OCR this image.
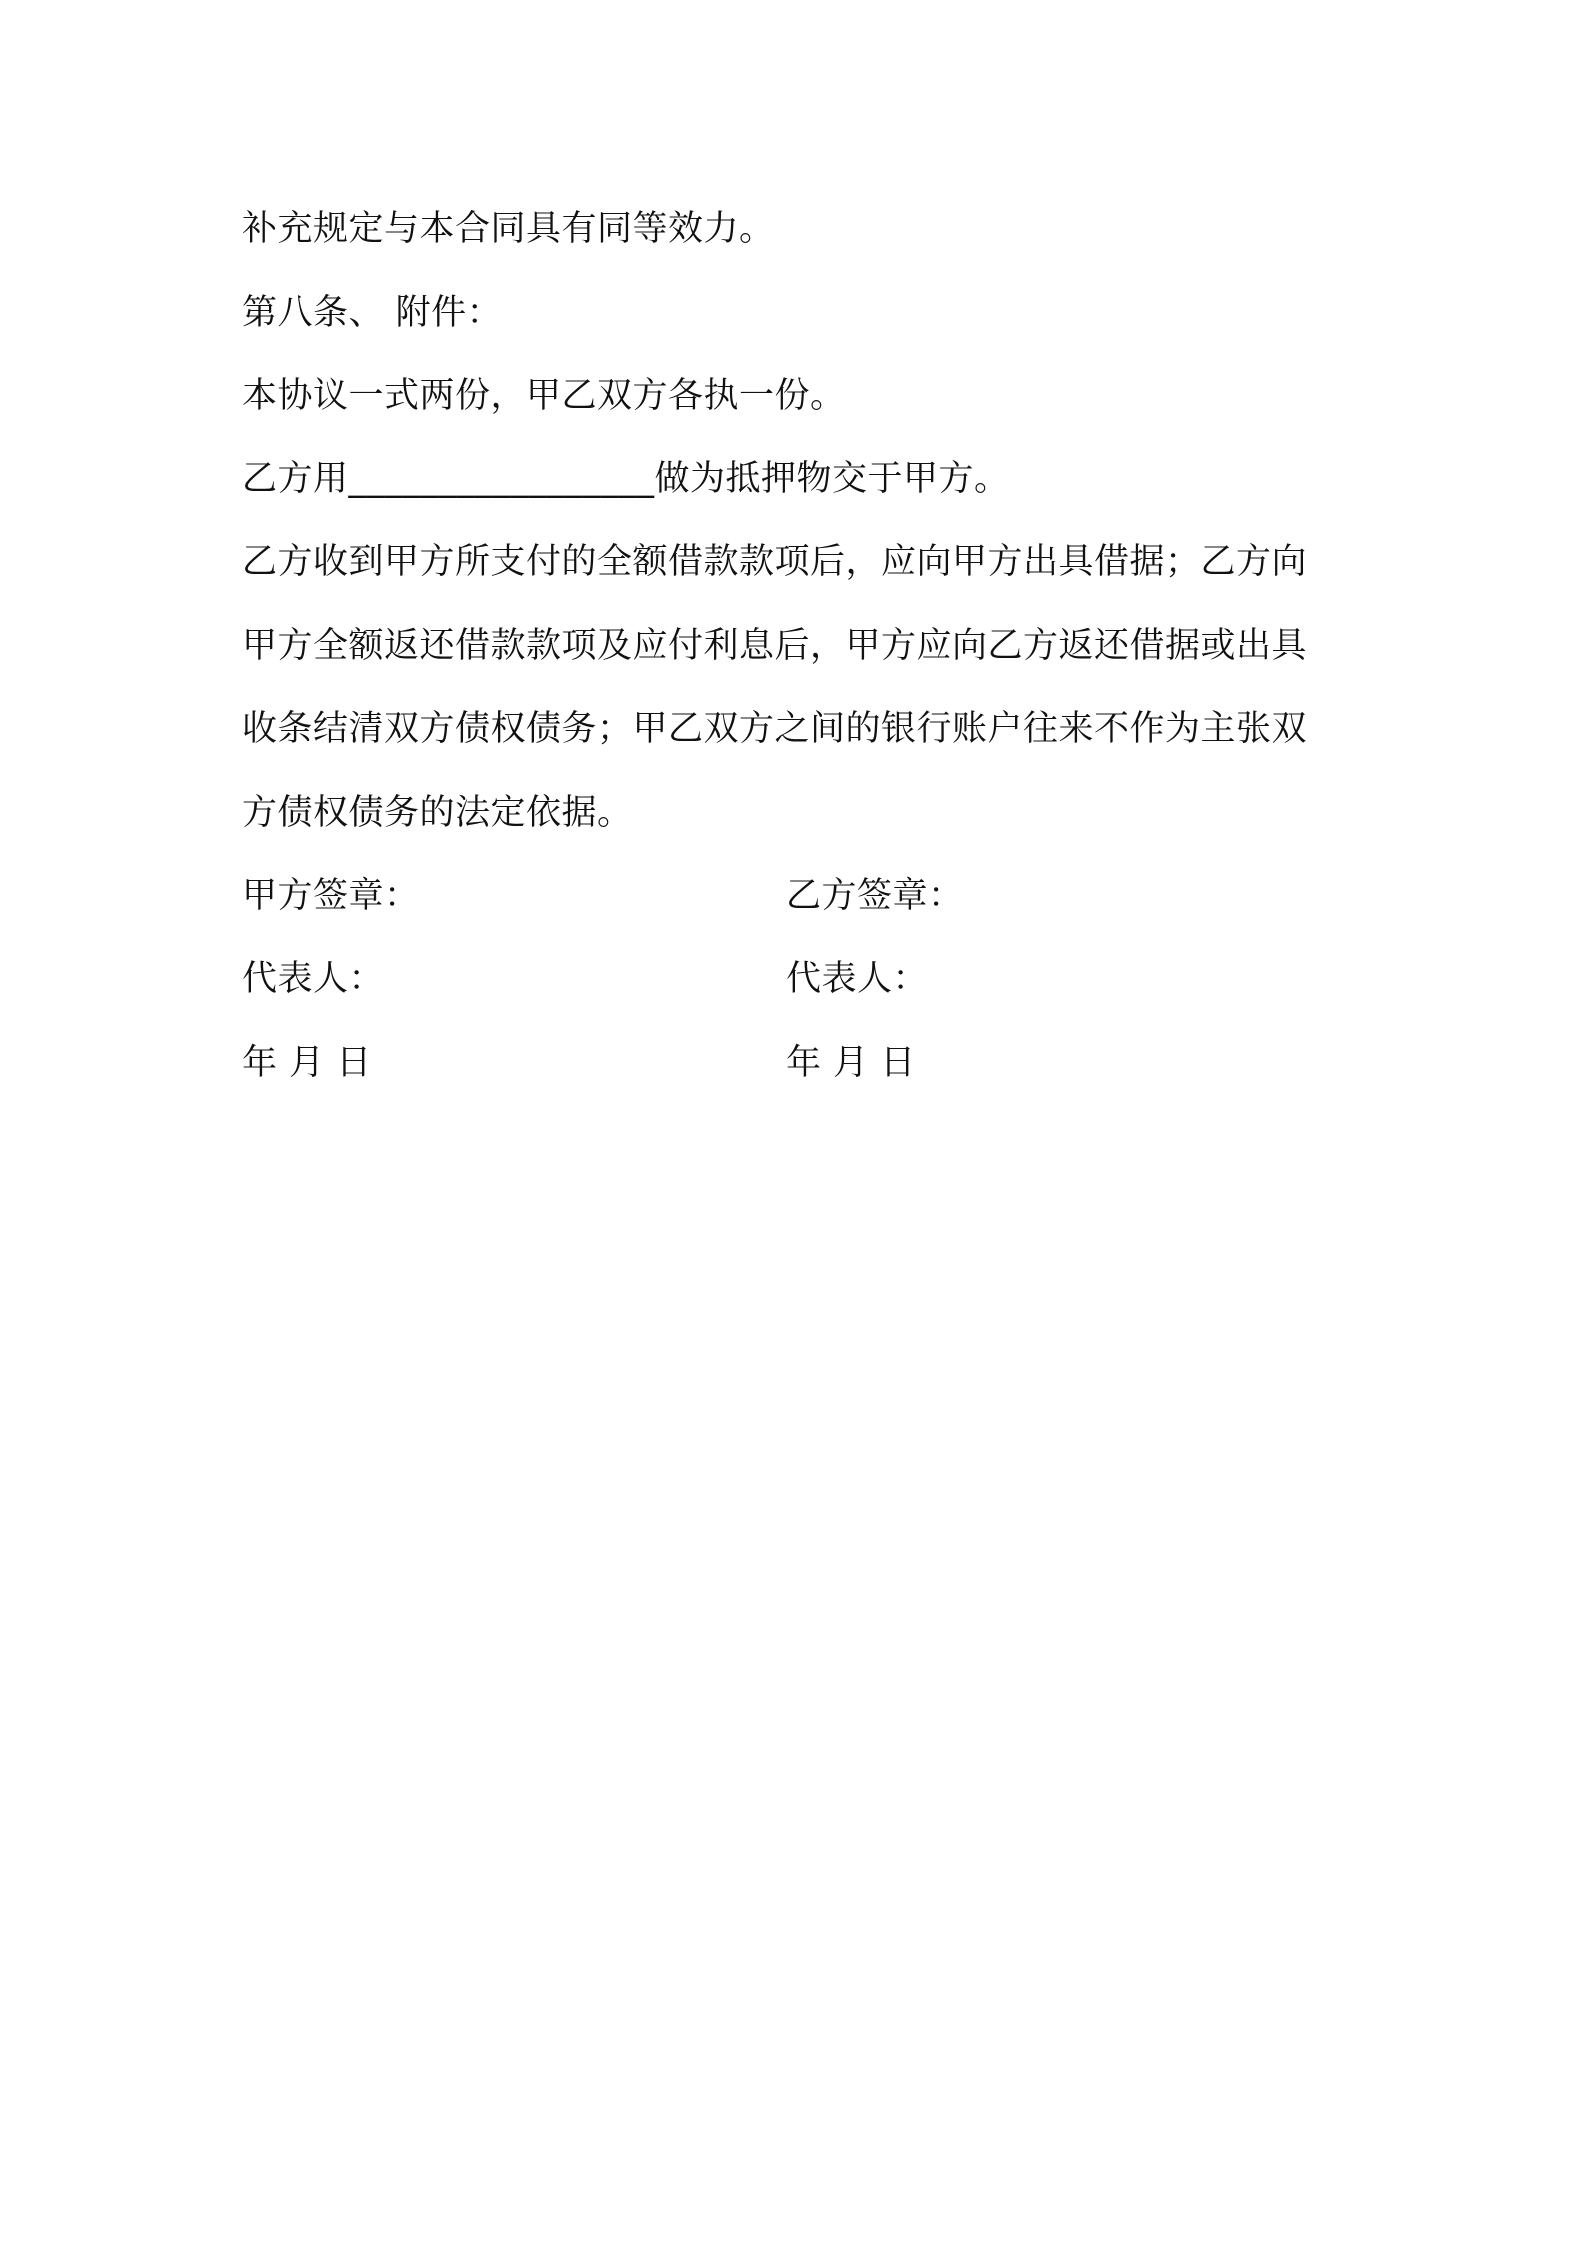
补充规定与本合同具有同等效力。
第八条、 附件：
本协议一式两份，甲乙双方各执一份。
乙方用_________________做为抵押物交于甲方。
乙方收到甲方所支付的全额借款款项后，应向甲方出具借据；乙方向
甲方全额返还借款款项及应付利息后，甲方应向乙方返还借据或出具
收条结清双方债权债务；甲乙双方之间的银行账户往来不作为主张双
方债权债务的法定依据。
甲方签章：	乙方签章：
代表人：	代表人：
年 月 日	年 月 日
